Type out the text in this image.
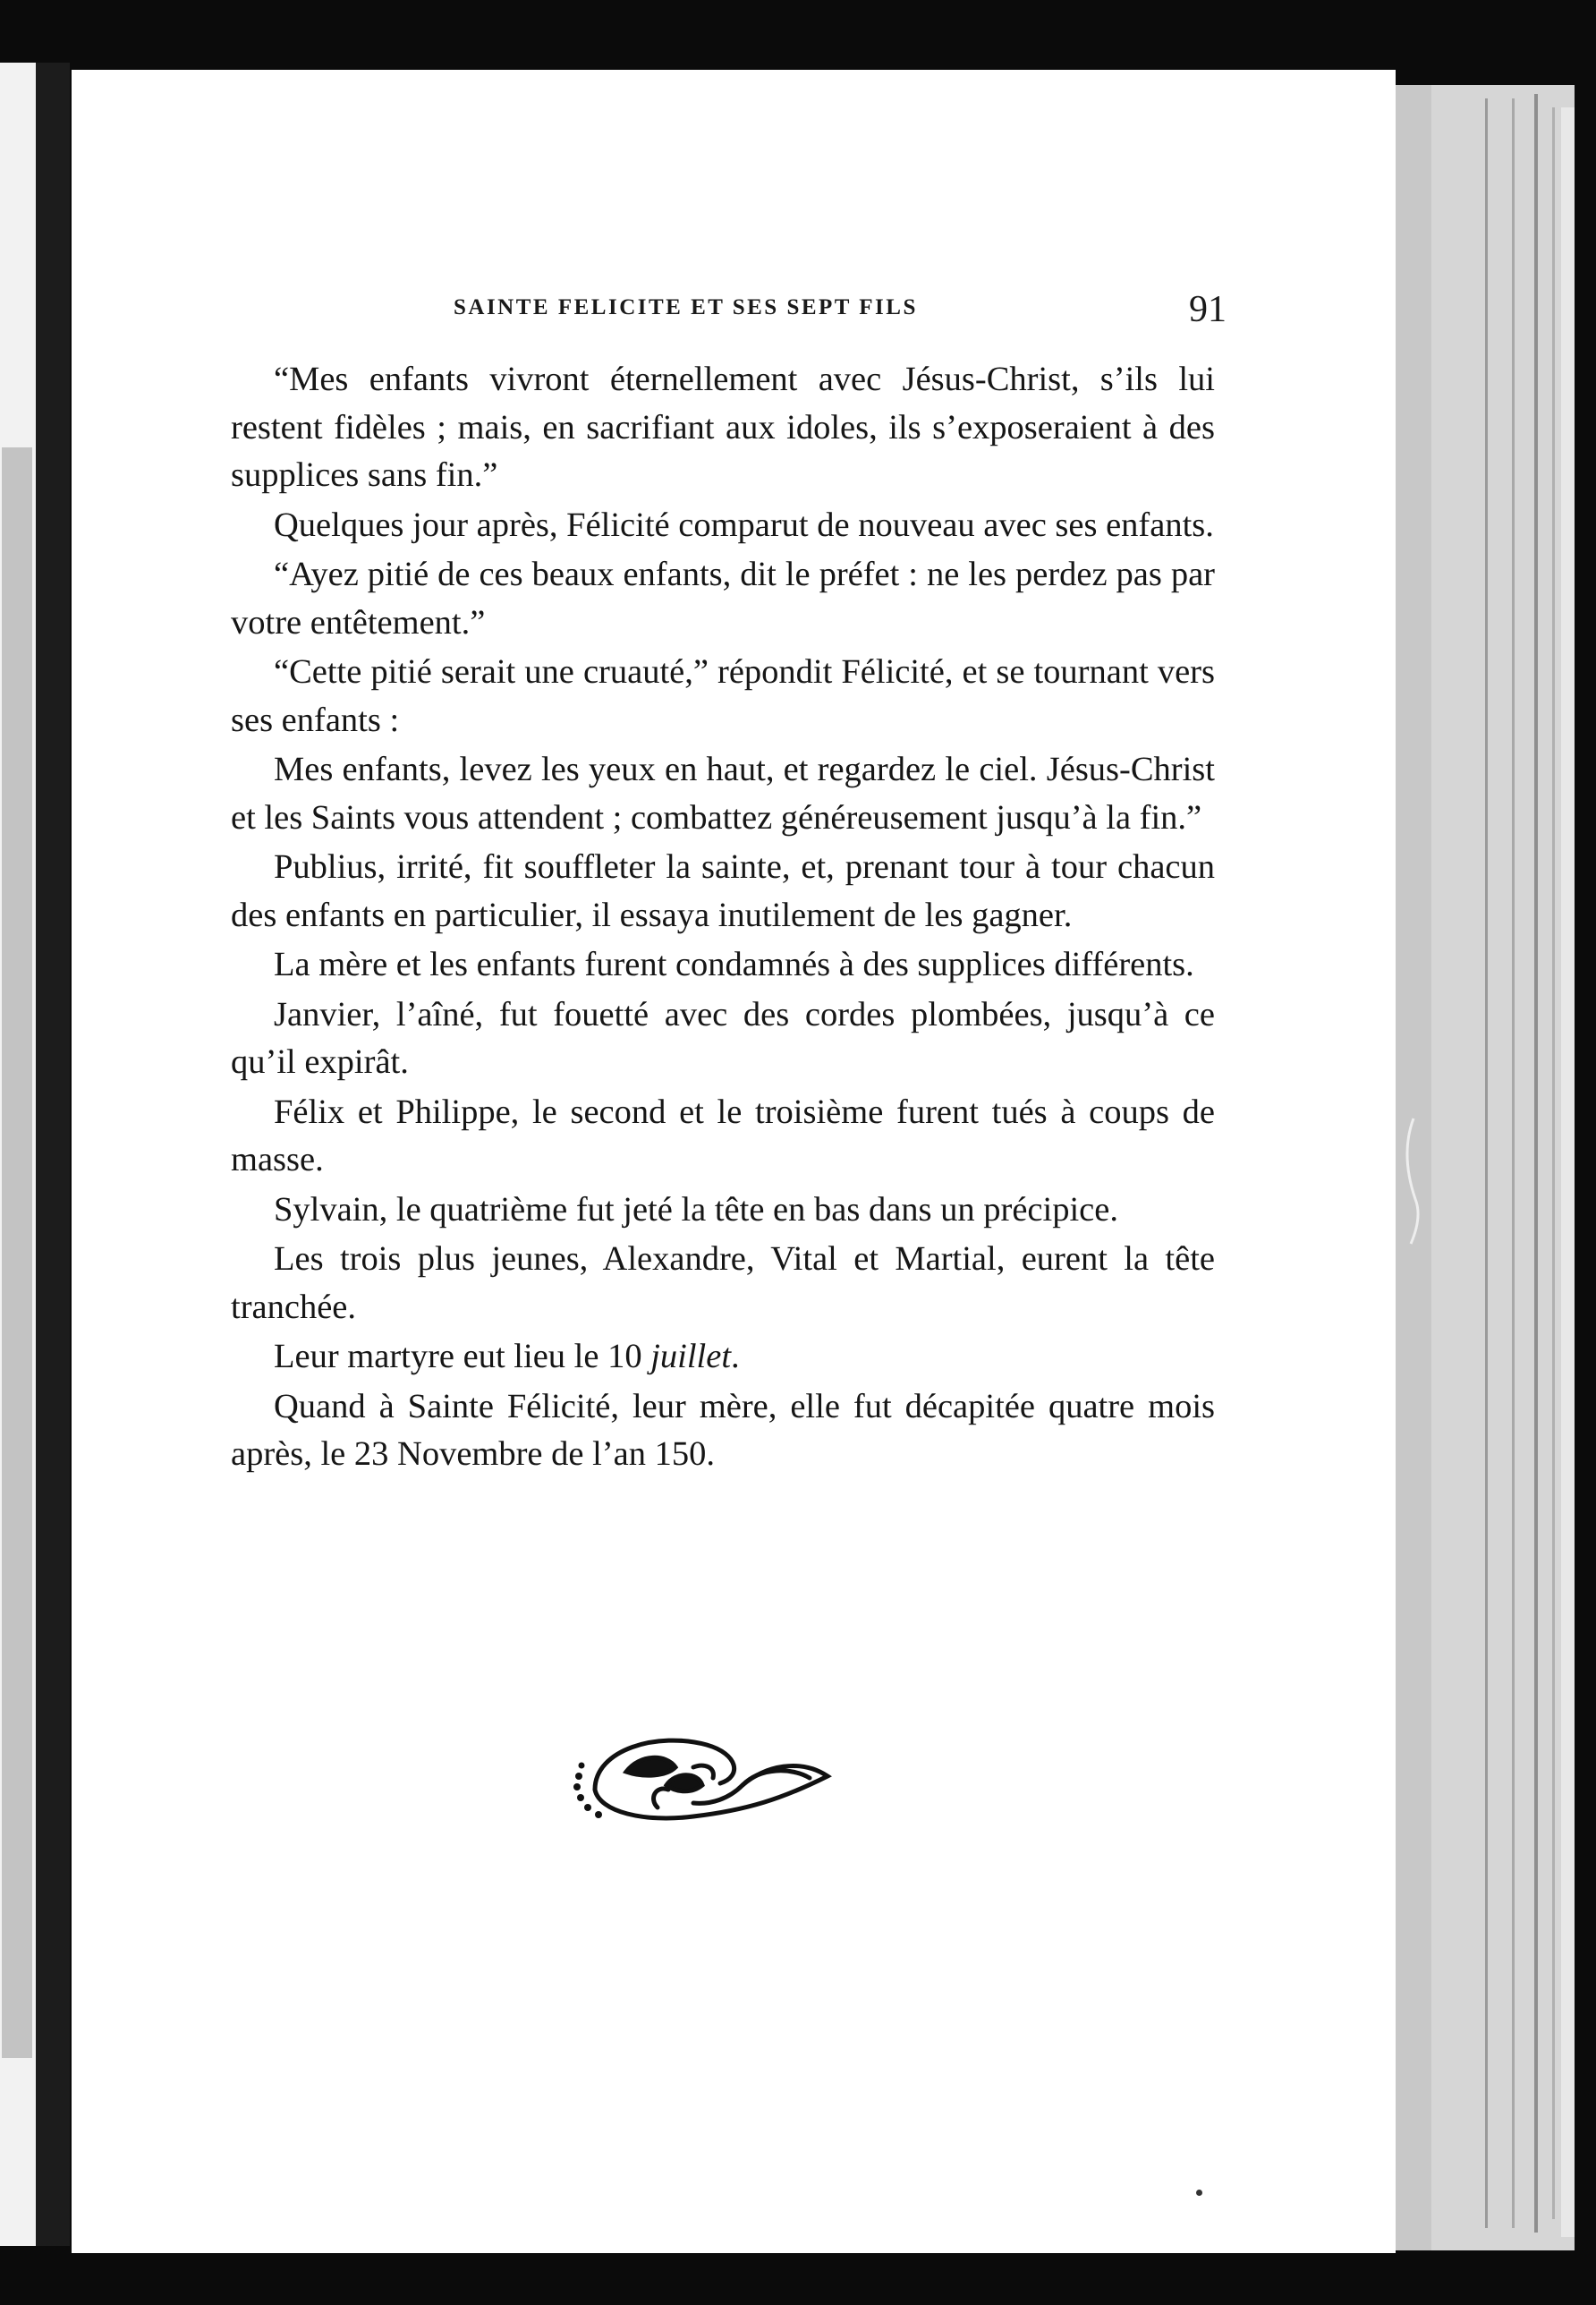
SAINTE FELICITE ET SES SEPT FILS	91

“Mes enfants vivront éternellement avec Jésus-Christ, s’ils lui restent fidèles ; mais, en sacrifiant aux idoles, ils s’exposeraient à des supplices sans fin.”

Quelques jour après, Félicité comparut de nouveau avec ses enfants.

“Ayez pitié de ces beaux enfants, dit le préfet : ne les perdez pas par votre entêtement.”

“Cette pitié serait une cruauté,” répondit Félicité, et se tournant vers ses enfants :

Mes enfants, levez les yeux en haut, et regardez le ciel. Jésus-Christ et les Saints vous attendent ; combattez généreusement jusqu’à la fin.”

Publius, irrité, fit souffleter la sainte, et, prenant tour à tour chacun des enfants en particulier, il essaya inutilement de les gagner.

La mère et les enfants furent condamnés à des supplices différents.

Janvier, l’aîné, fut fouetté avec des cordes plombées, jusqu’à ce qu’il expirât.

Félix et Philippe, le second et le troisième furent tués à coups de masse.

Sylvain, le quatrième fut jeté la tête en bas dans un précipice.

Les trois plus jeunes, Alexandre, Vital et Martial, eurent la tête tranchée.

Leur martyre eut lieu le 10 juillet.

Quand à Sainte Félicité, leur mère, elle fut décapitée quatre mois après, le 23 Novembre de l’an 150.
